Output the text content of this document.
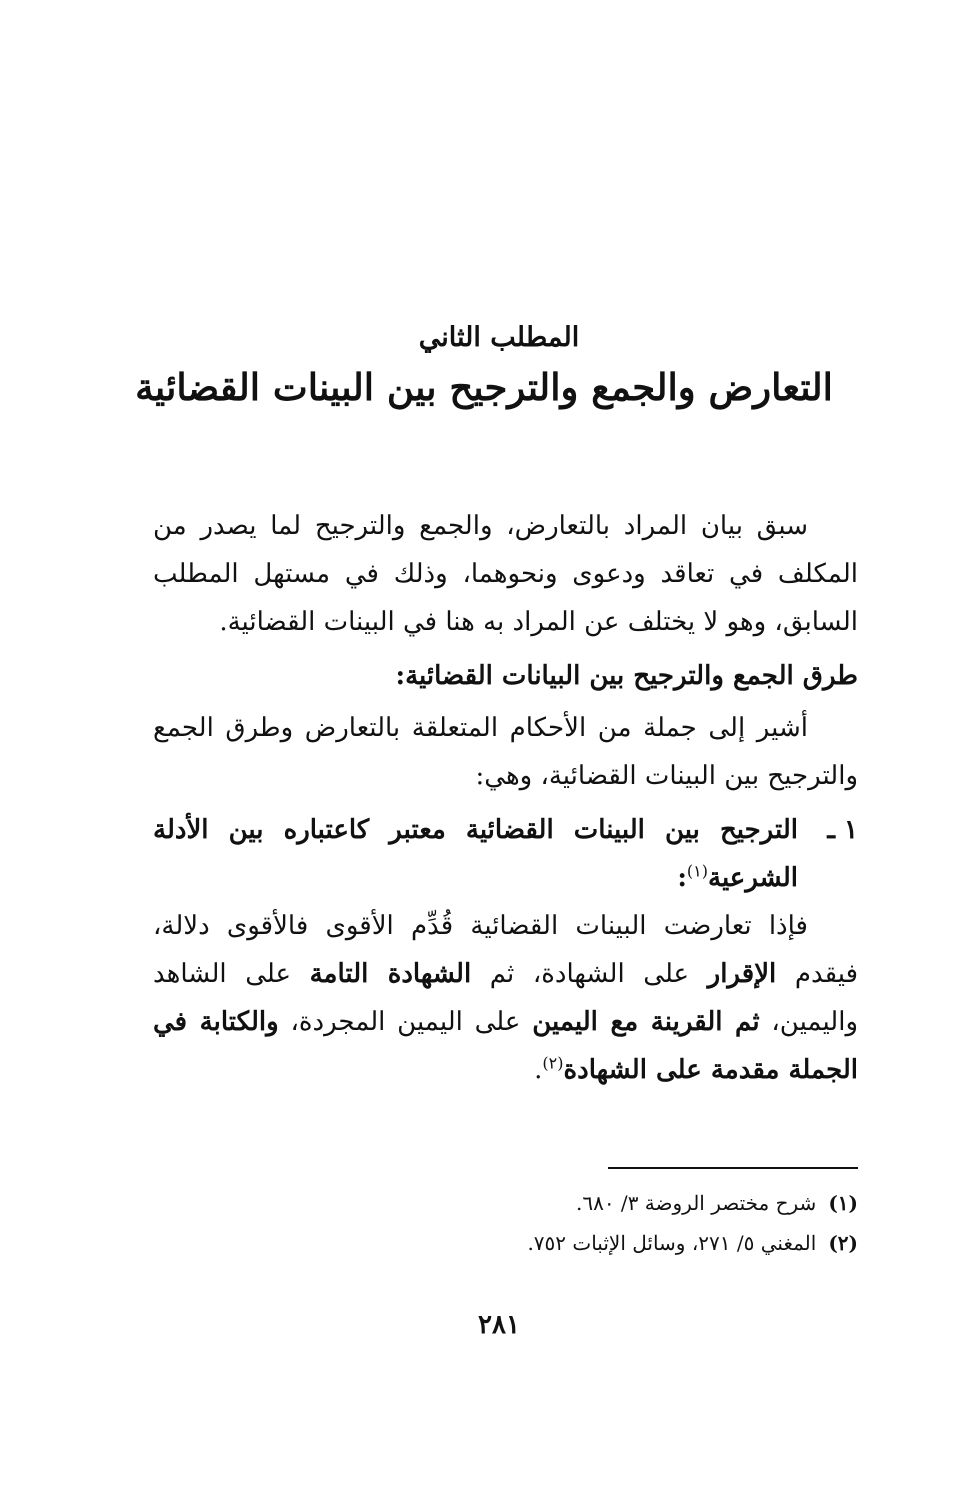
المطلب الثاني
التعارض والجمع والترجيح بين البينات القضائية

سبق بيان المراد بالتعارض، والجمع والترجيح لما يصدر من المكلف في تعاقد ودعوى ونحوهما، وذلك في مستهل المطلب السابق، وهو لا يختلف عن المراد به هنا في البينات القضائية.

طرق الجمع والترجيح بين البيانات القضائية:

أشير إلى جملة من الأحكام المتعلقة بالتعارض وطرق الجمع والترجيح بين البينات القضائية، وهي:

١ ـالترجيح بين البينات القضائية معتبر كاعتباره بين الأدلة الشرعية$^{(١)}$:

فإذا تعارضت البينات القضائية قُدِّم الأقوى فالأقوى دلالة، فيقدم الإقرار على الشهادة، ثم الشهادة التامة على الشاهد واليمين، ثم القرينة مع اليمين على اليمين المجردة، والكتابة في الجملة مقدمة على الشهادة$^{(٢)}$.

(١)شرح مختصر الروضة ٣/ ٦٨٠.

(٢)المغني ٥/ ٢٧١، وسائل الإثبات ٧٥٢.

٢٨١
